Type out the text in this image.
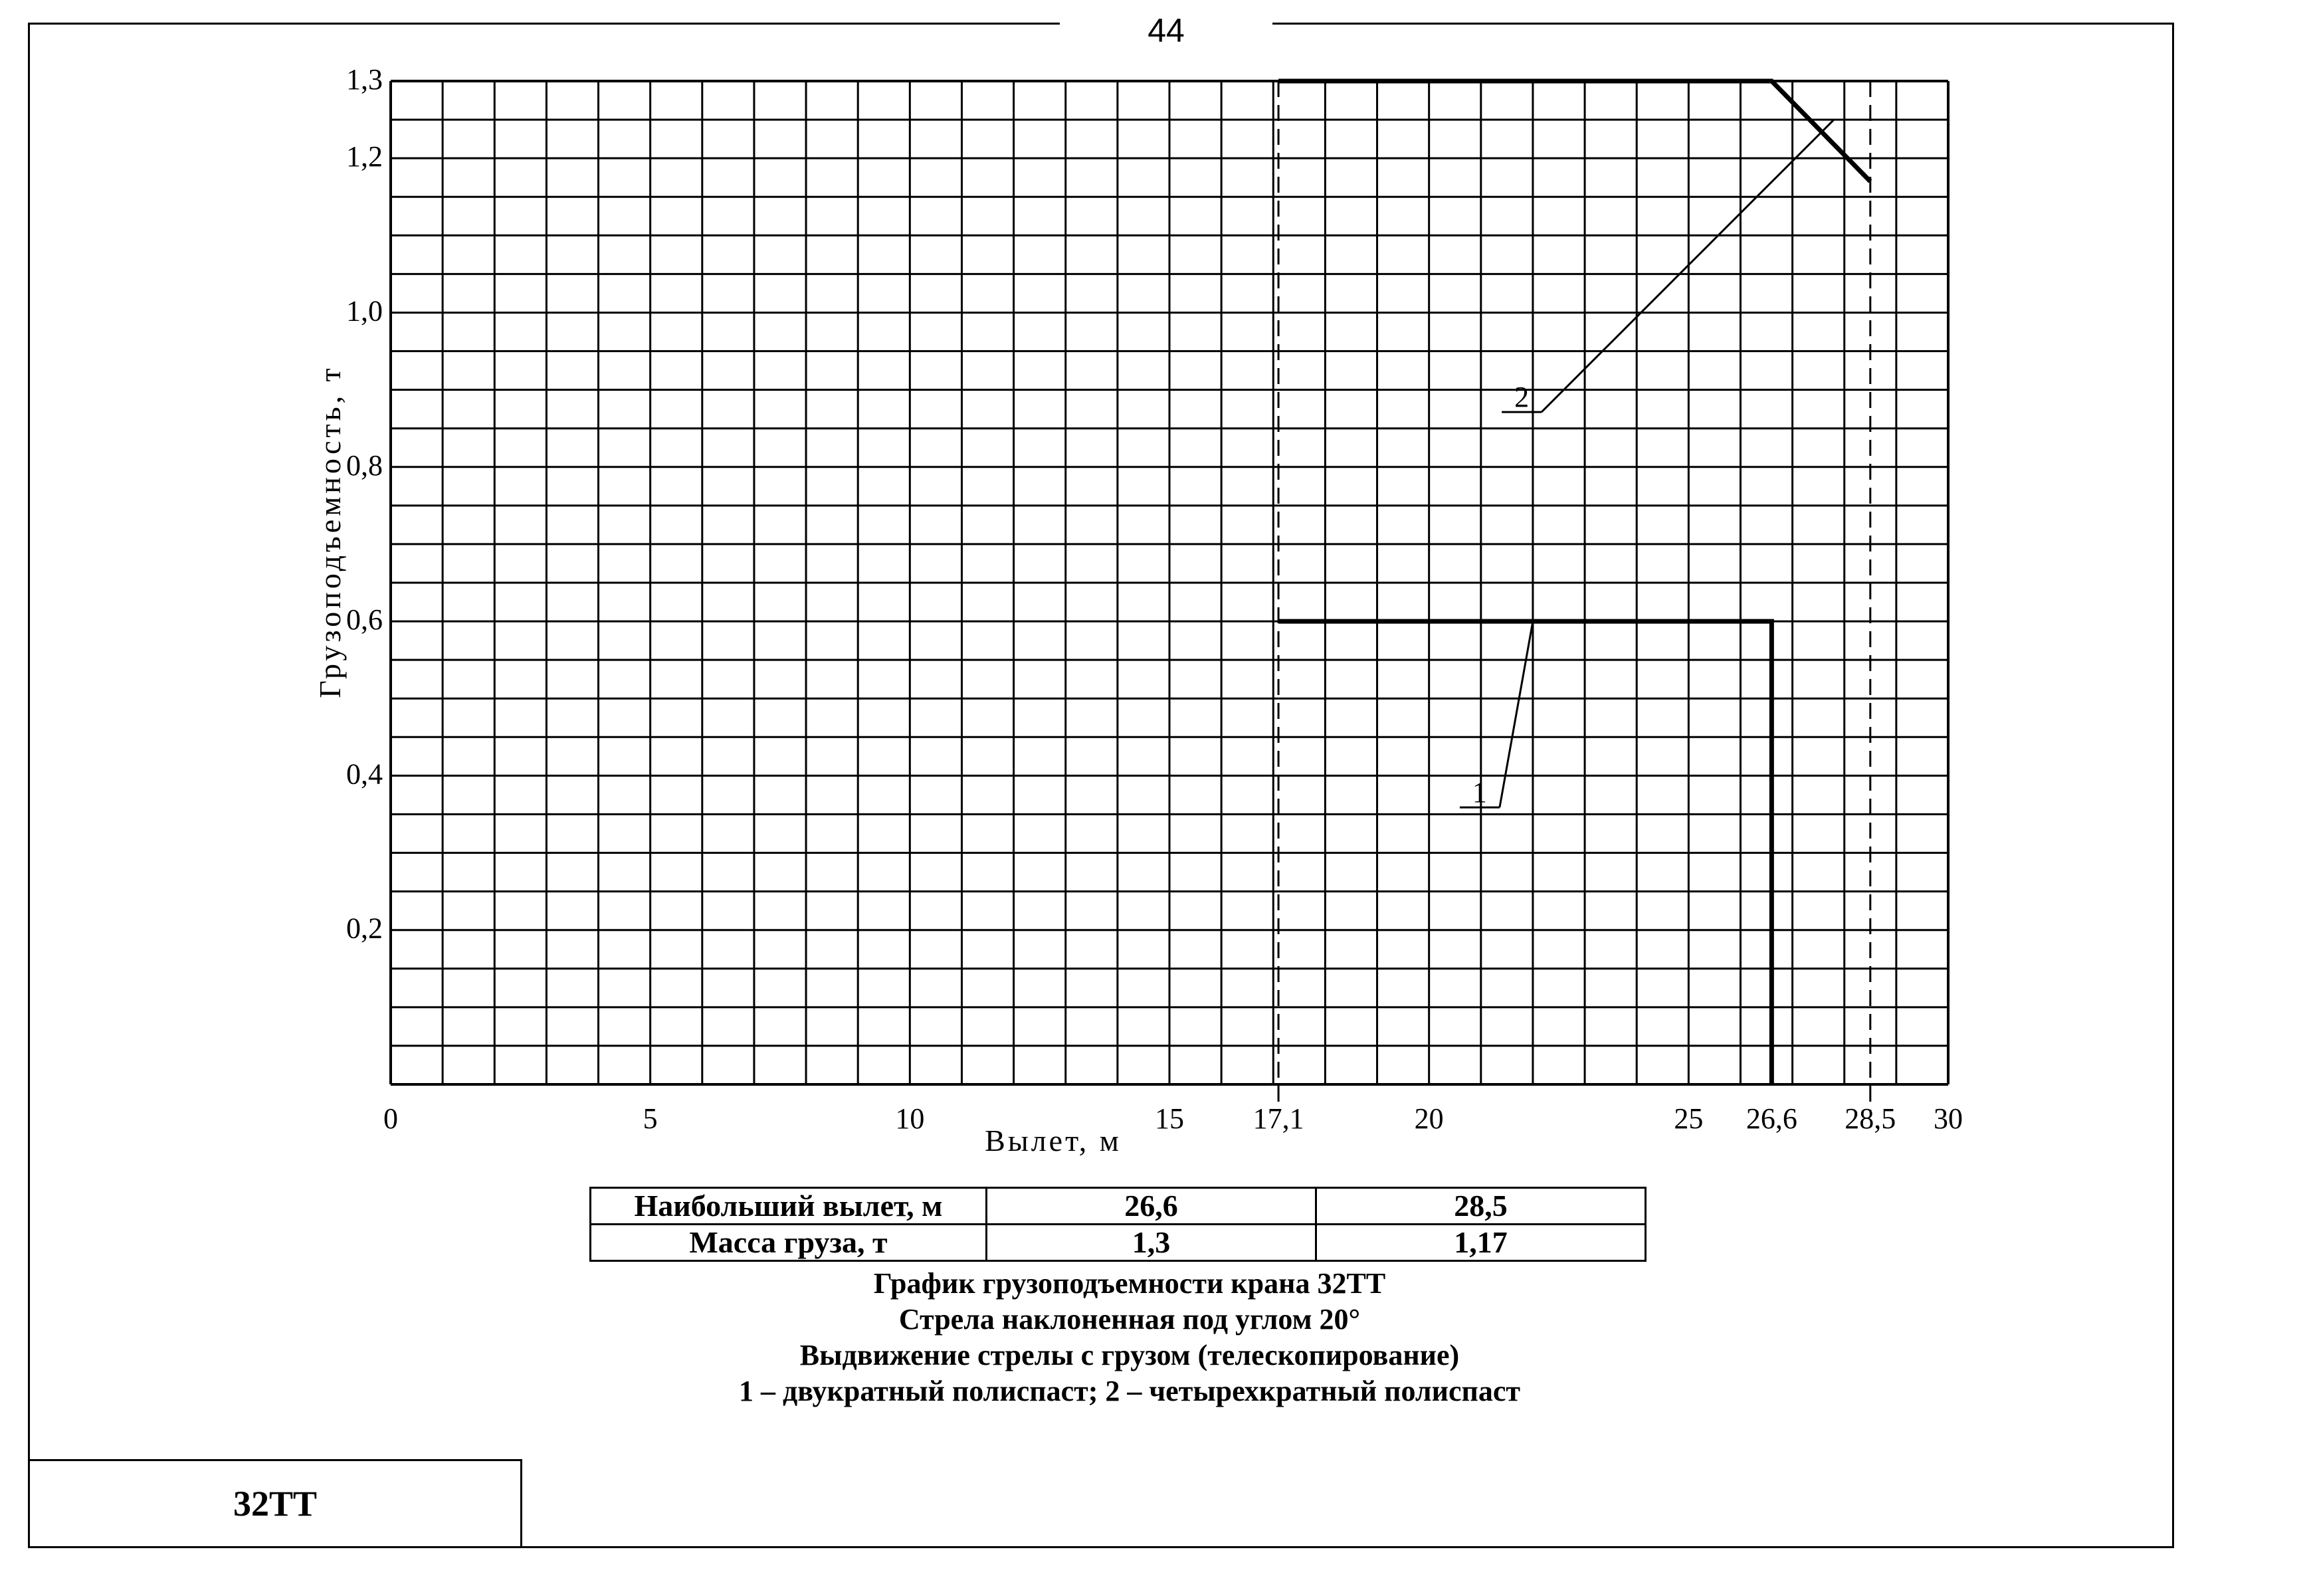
44
1
2
0	5	10	15 17,1	20	25 26,6 28,5 30
0,2
0,4
0,6
0,8
1,0
1,2
1,3
Вылет, м
Грузоподъемность, т
Наибольший вылет, м	26,6	28,5
Масса груза, т	1,3	1,17
График грузоподъемности крана 32ТТ
Стрела наклоненная под углом 20°
Выдвижение стрелы с грузом (телескопирование)
1 – двукратный полиспаст; 2 – четырехкратный полиспаст
32ТТ
